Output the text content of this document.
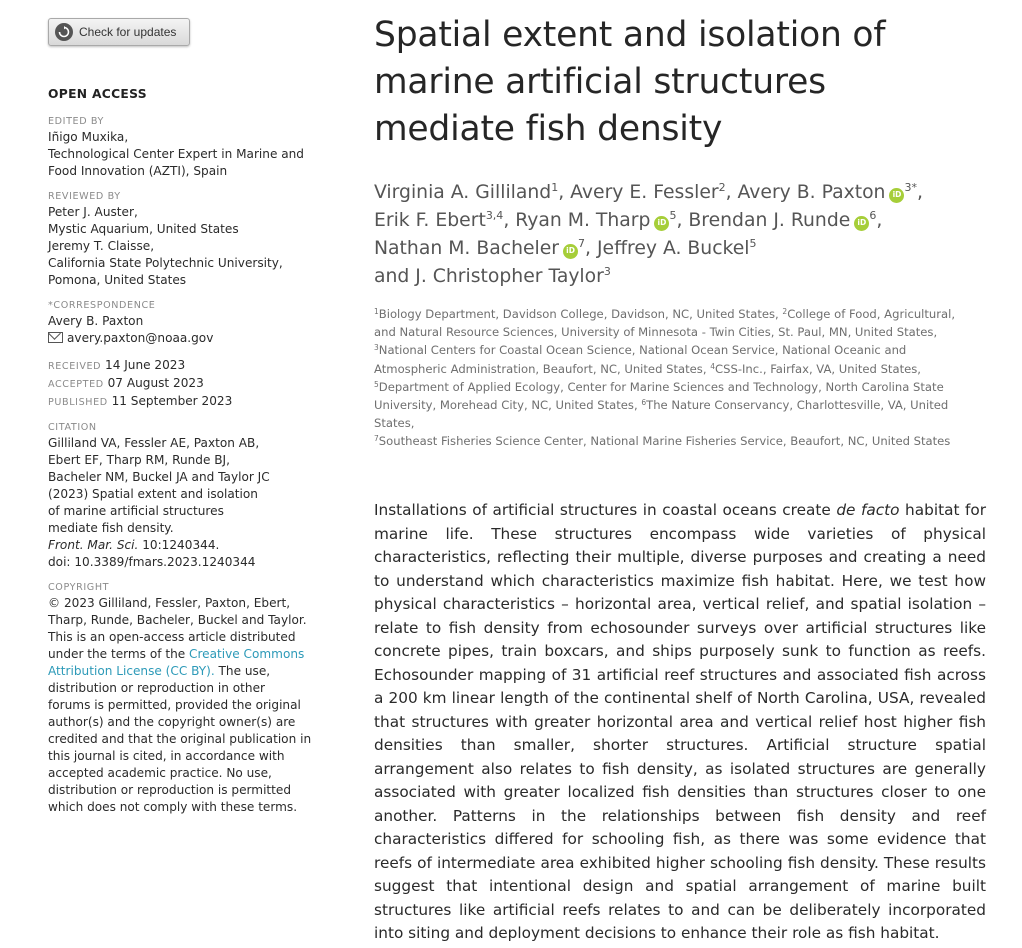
Check for updates
OPEN ACCESS
EDITED BY
Iñigo Muxika,
Technological Center Expert in Marine and
Food Innovation (AZTI), Spain
REVIEWED BY
Peter J. Auster,
Mystic Aquarium, United States
Jeremy T. Claisse,
California State Polytechnic University,
Pomona, United States
*CORRESPONDENCE
Avery B. Paxton
avery.paxton@noaa.gov
RECEIVED 14 June 2023
ACCEPTED 07 August 2023
PUBLISHED 11 September 2023
CITATION
Gilliland VA, Fessler AE, Paxton AB,
Ebert EF, Tharp RM, Runde BJ,
Bacheler NM, Buckel JA and Taylor JC
(2023) Spatial extent and isolation
of marine artificial structures
mediate fish density.
Front. Mar. Sci. 10:1240344.
doi: 10.3389/fmars.2023.1240344
COPYRIGHT
© 2023 Gilliland, Fessler, Paxton, Ebert,
Tharp, Runde, Bacheler, Buckel and Taylor.
This is an open-access article distributed
under the terms of the Creative Commons
Attribution License (CC BY). The use,
distribution or reproduction in other
forums is permitted, provided the original
author(s) and the copyright owner(s) are
credited and that the original publication in
this journal is cited, in accordance with
accepted academic practice. No use,
distribution or reproduction is permitted
which does not comply with these terms.
Spatial extent and isolation of
marine artificial structures
mediate fish density
Virginia A. Gilliland$^1$, Avery E. Fessler$^2$, Avery B. Paxton $iD^{3*}$,
Erik F. Ebert$^{3,4}$, Ryan M. Tharp $iD^5$, Brendan J. Runde $iD^6$,
Nathan M. Bacheler $iD^7$, Jeffrey A. Buckel$^5$
and J. Christopher Taylor$^3$
$^1$Biology Department, Davidson College, Davidson, NC, United States, $^2$College of Food, Agricultural,
and Natural Resource Sciences, University of Minnesota - Twin Cities, St. Paul, MN, United States,
$^3$National Centers for Coastal Ocean Science, National Ocean Service, National Oceanic and
Atmospheric Administration, Beaufort, NC, United States, $^4$CSS-Inc., Fairfax, VA, United States,
$^5$Department of Applied Ecology, Center for Marine Sciences and Technology, North Carolina State
University, Morehead City, NC, United States, $^6$The Nature Conservancy, Charlottesville, VA, United States,
$^7$Southeast Fisheries Science Center, National Marine Fisheries Service, Beaufort, NC, United States
Installations of artificial structures in coastal oceans create de facto habitat for marine life. These structures encompass wide varieties of physical characteristics, reflecting their multiple, diverse purposes and creating a need to understand which characteristics maximize fish habitat. Here, we test how physical characteristics – horizontal area, vertical relief, and spatial isolation – relate to fish density from echosounder surveys over artificial structures like concrete pipes, train boxcars, and ships purposely sunk to function as reefs. Echosounder mapping of 31 artificial reef structures and associated fish across a 200 km linear length of the continental shelf of North Carolina, USA, revealed that structures with greater horizontal area and vertical relief host higher fish densities than smaller, shorter structures. Artificial structure spatial arrangement also relates to fish density, as isolated structures are generally associated with greater localized fish densities than structures closer to one another. Patterns in the relationships between fish density and reef characteristics differed for schooling fish, as there was some evidence that reefs of intermediate area exhibited higher schooling fish density. These results suggest that intentional design and spatial arrangement of marine built structures like artificial reefs relates to and can be deliberately incorporated into siting and deployment decisions to enhance their role as fish habitat.
